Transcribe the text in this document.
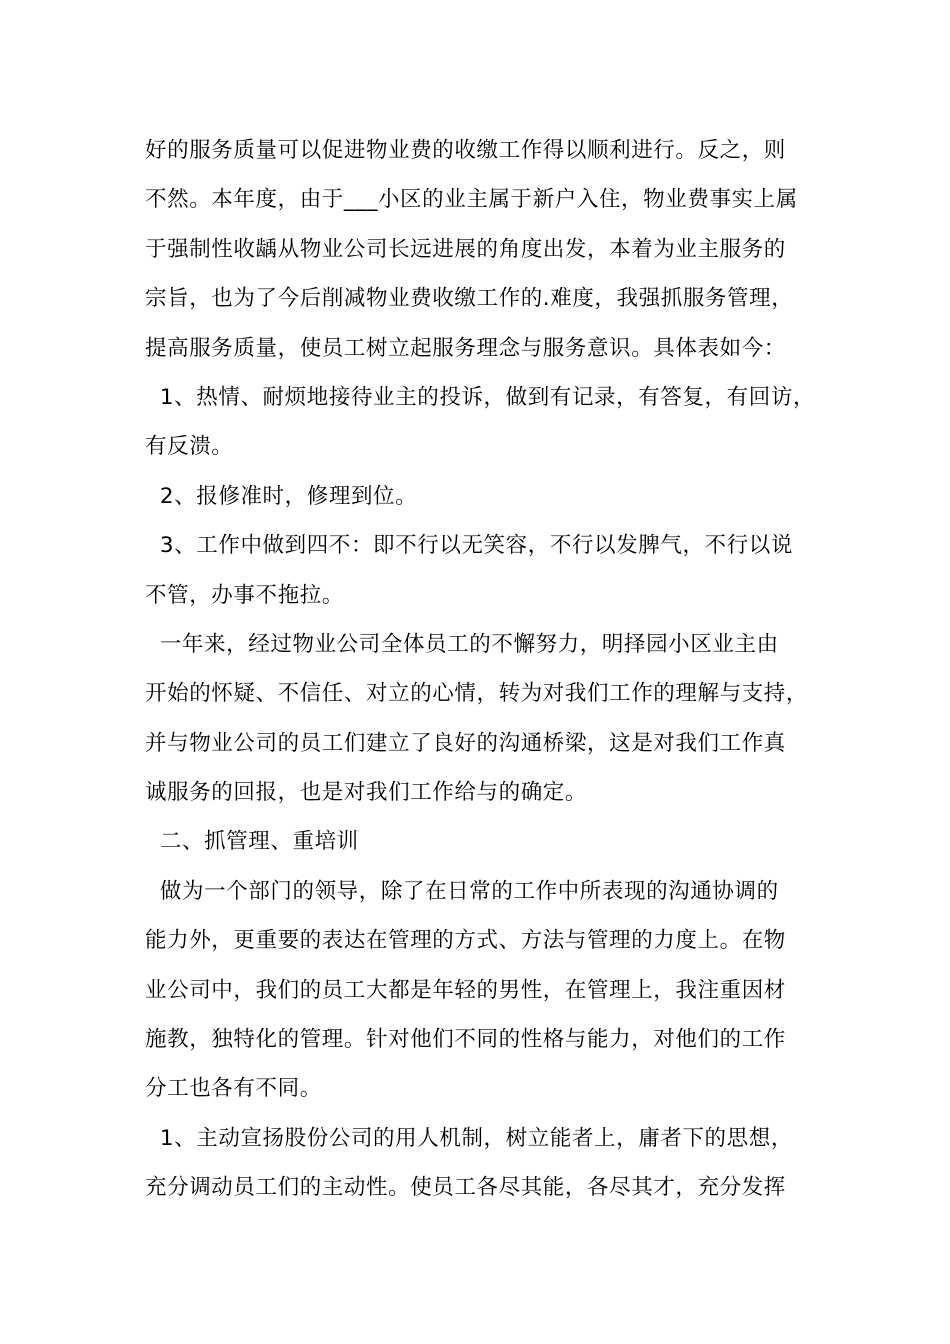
好的服务质量可以促进物业费的收缴工作得以顺利进行。反之，则
不然。本年度，由于___小区的业主属于新户入住，物业费事实上属
于强制性收龋从物业公司长远进展的角度出发，本着为业主服务的
宗旨，也为了今后削减物业费收缴工作的.难度，我强抓服务管理，
提高服务质量，使员工树立起服务理念与服务意识。具体表如今：
1、热情、耐烦地接待业主的投诉，做到有记录，有答复，有回访，
有反溃。
2、报修准时，修理到位。
3、工作中做到四不：即不行以无笑容，不行以发脾气，不行以说
不管，办事不拖拉。
一年来，经过物业公司全体员工的不懈努力，明择园小区业主由
开始的怀疑、不信任、对立的心情，转为对我们工作的理解与支持，
并与物业公司的员工们建立了良好的沟通桥梁，这是对我们工作真
诚服务的回报，也是对我们工作给与的确定。
二、抓管理、重培训
做为一个部门的领导，除了在日常的工作中所表现的沟通协调的
能力外，更重要的表达在管理的方式、方法与管理的力度上。在物
业公司中，我们的员工大都是年轻的男性，在管理上，我注重因材
施教，独特化的管理。针对他们不同的性格与能力，对他们的工作
分工也各有不同。
1、主动宣扬股份公司的用人机制，树立能者上，庸者下的思想，
充分调动员工们的主动性。使员工各尽其能，各尽其才，充分发挥
